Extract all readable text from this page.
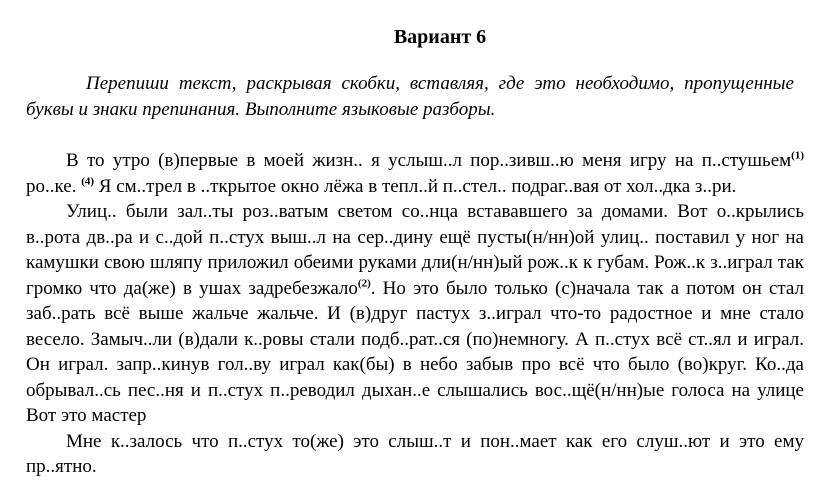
Вариант 6
Перепиши текст, раскрывая скобки, вставляя, где это необходимо, пропущенные буквы и знаки препинания. Выполните языковые разборы.

В то утро (в)первые в моей жизн.. я услыш..л пор..зивш..ю меня игру на п..стушьем$^{(1)}$ ро..ке. $^{(4)}$ Я см..трел в ..ткрытое окно лёжа в тепл..й п..стел.. подраг..вая от хол..дка з..ри.

Улиц.. были зал..ты роз..ватым светом со..нца встававшего за домами. Вот о..крылись в..рота дв..ра и с..дой п..стух выш..л на сер..дину ещё пусты(н/нн)ой улиц.. поставил у ног на камушки свою шляпу приложил обеими руками дли(н/нн)ый рож..к к губам. Рож..к з..играл так громко что да(же) в ушах задребезжало$^{(2)}$. Но это было только (с)начала так а потом он стал заб..рать всё выше жальче жальче. И (в)друг пастух з..играл что-то радостное и мне стало весело. Замыч..ли (в)дали к..ровы стали подб..рат..ся (по)немногу. А п..стух всё ст..ял и играл. Он играл. запр..кинув гол..ву играл как(бы) в небо забыв про всё что было (во)круг. Ко..да обрывал..сь пес..ня и п..стух п..реводил дыхан..е слышались вос..щё(н/нн)ые голоса на улице Вот это мастер

Мне к..залось что п..стух то(же) это слыш..т и пон..мает как его слуш..ют и это ему пр..ятно.
